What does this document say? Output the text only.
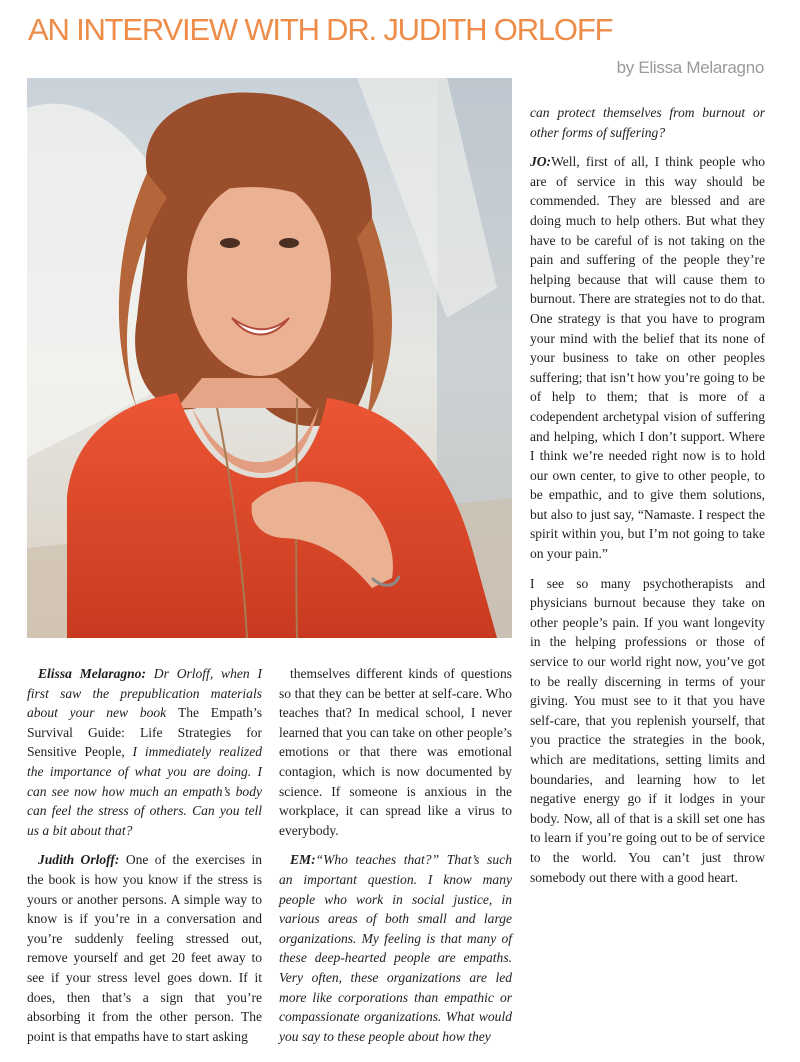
AN INTERVIEW WITH DR. JUDITH ORLOFF
by Elissa Melaragno

Elissa Melaragno: Dr Orloff, when I first saw the prepublication materials about your new book The Empath’s Survival Guide: Life Strategies for Sensitive People, I immediately realized the importance of what you are doing. I can see now how much an empath’s body can feel the stress of others. Can you tell us a bit about that?

Judith Orloff: One of the exercises in the book is how you know if the stress is yours or another persons. A simple way to know is if you’re in a conversation and you’re suddenly feeling stressed out, remove yourself and get 20 feet away to see if your stress level goes down. If it does, then that’s a sign that you’re absorbing it from the other person. The point is that empaths have to start asking

themselves different kinds of questions so that they can be better at self-care. Who teaches that? In medical school, I never learned that you can take on other people’s emotions or that there was emotional contagion, which is now documented by science. If someone is anxious in the workplace, it can spread like a virus to everybody.

EM:“Who teaches that?” That’s such an important question. I know many people who work in social justice, in various areas of both small and large organizations. My feeling is that many of these deep-hearted people are empaths. Very often, these organizations are led more like corporations than empathic or compassionate organizations. What would you say to these people about how they

can protect themselves from burnout or other forms of suffering?

JO:Well, first of all, I think people who are of service in this way should be commended. They are blessed and are doing much to help others. But what they have to be careful of is not taking on the pain and suffering of the people they’re helping because that will cause them to burnout. There are strategies not to do that. One strategy is that you have to program your mind with the belief that its none of your business to take on other peoples suffering; that isn’t how you’re going to be of help to them; that is more of a codependent archetypal vision of suffering and helping, which I don’t support. Where I think we’re needed right now is to hold our own center, to give to other people, to be empathic, and to give them solutions, but also to just say, “Namaste. I respect the spirit within you, but I’m not going to take on your pain.”

I see so many psychotherapists and physicians burnout because they take on other people’s pain. If you want longevity in the helping professions or those of service to our world right now, you’ve got to be really discerning in terms of your giving. You must see to it that you have self-care, that you replenish yourself, that you practice the strategies in the book, which are meditations, setting limits and boundaries, and learning how to let negative energy go if it lodges in your body. Now, all of that is a skill set one has to learn if you’re going out to be of service to the world. You can’t just throw somebody out there with a good heart.
